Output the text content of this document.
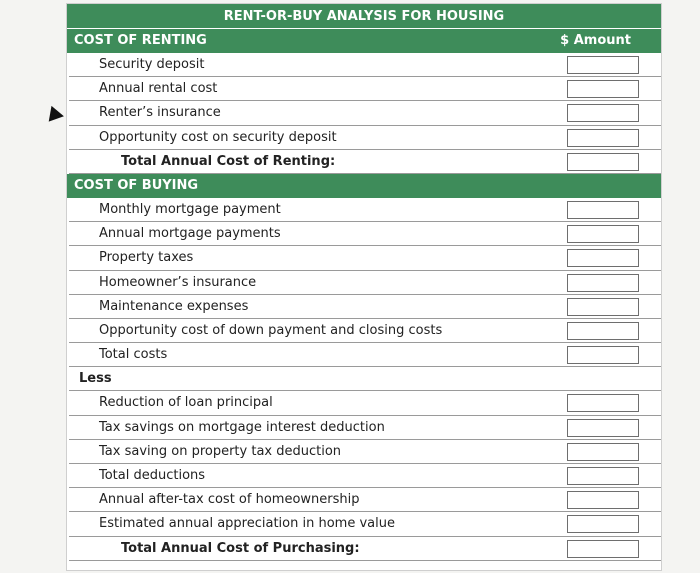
RENT-OR-BUY ANALYSIS FOR HOUSING
COST OF RENTING	$ Amount
Security deposit
Annual rental cost
Renter’s insurance
Opportunity cost on security deposit
Total Annual Cost of Renting:
COST OF BUYING
Monthly mortgage payment
Annual mortgage payments
Property taxes
Homeowner’s insurance
Maintenance expenses
Opportunity cost of down payment and closing costs
Total costs
Less
Reduction of loan principal
Tax savings on mortgage interest deduction
Tax saving on property tax deduction
Total deductions
Annual after-tax cost of homeownership
Estimated annual appreciation in home value
Total Annual Cost of Purchasing:
